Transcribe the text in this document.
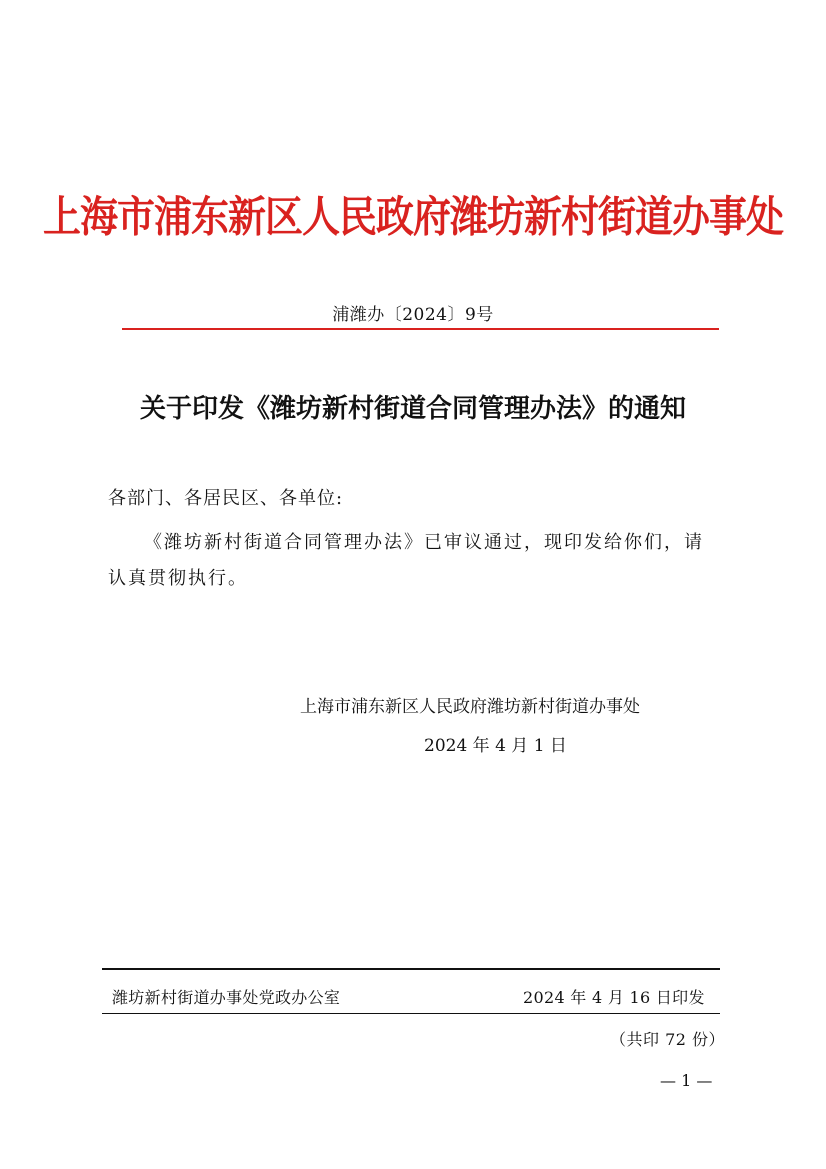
上海市浦东新区人民政府潍坊新村街道办事处
浦潍办〔2024〕9号
关于印发《潍坊新村街道合同管理办法》的通知
各部门、各居民区、各单位:
《潍坊新村街道合同管理办法》已审议通过，现印发给你们，请认真贯彻执行。
上海市浦东新区人民政府潍坊新村街道办事处
2024 年 4 月 1 日
潍坊新村街道办事处党政办公室	2024 年 4 月 16 日印发
（共印 72 份）
— 1 —
